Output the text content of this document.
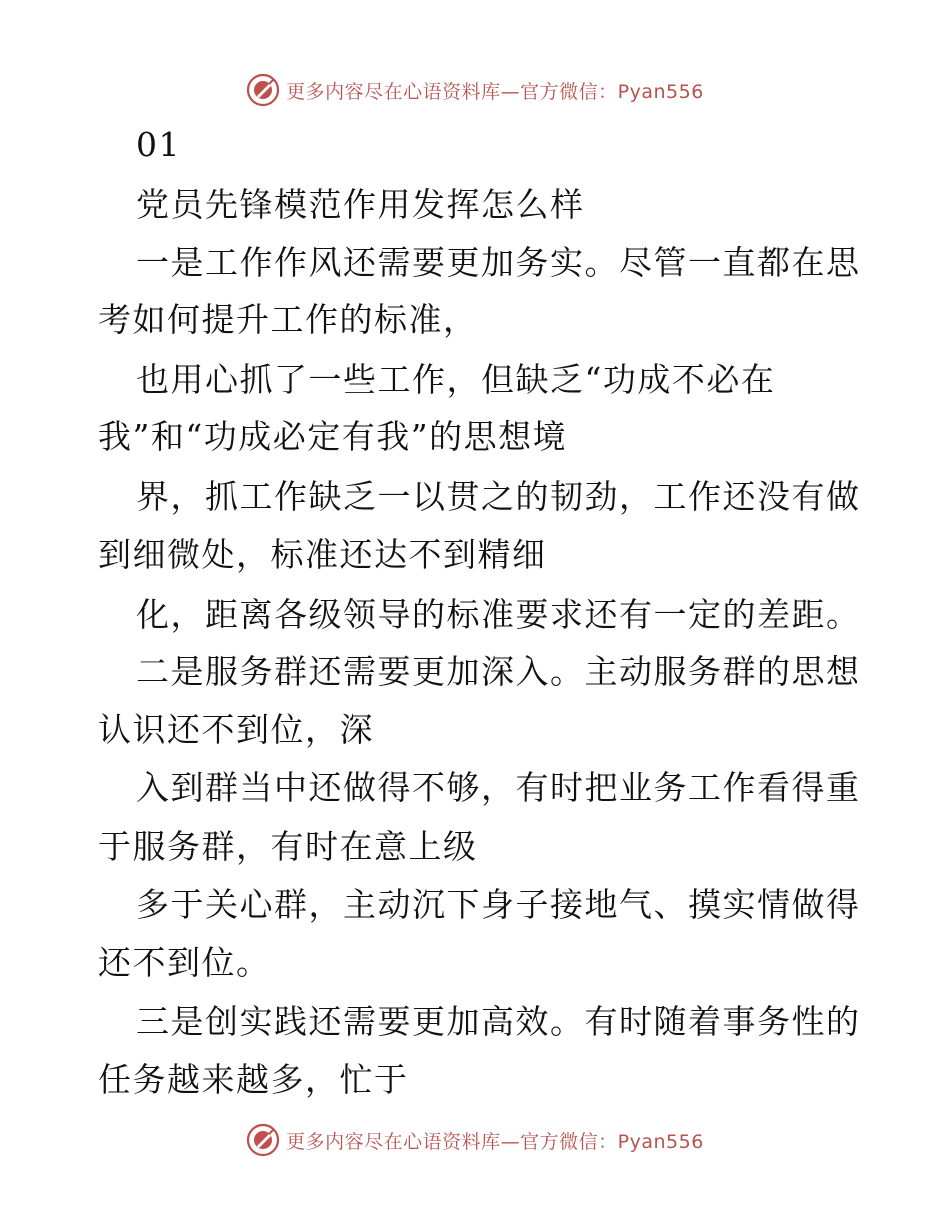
更多内容尽在心语资料库—官方微信：Pyan556
01
党员先锋模范作用发挥怎么样
一是工作作风还需要更加务实。尽管一直都在思
考如何提升工作的标准，
也用心抓了一些工作，但缺乏“功成不必在
我”和“功成必定有我”的思想境
界，抓工作缺乏一以贯之的韧劲，工作还没有做
到细微处，标准还达不到精细
化，距离各级领导的标准要求还有一定的差距。
二是服务群还需要更加深入。主动服务群的思想
认识还不到位，深
入到群当中还做得不够，有时把业务工作看得重
于服务群，有时在意上级
多于关心群，主动沉下身子接地气、摸实情做得
还不到位。
三是创实践还需要更加高效。有时随着事务性的
任务越来越多，忙于
更多内容尽在心语资料库—官方微信：Pyan556
